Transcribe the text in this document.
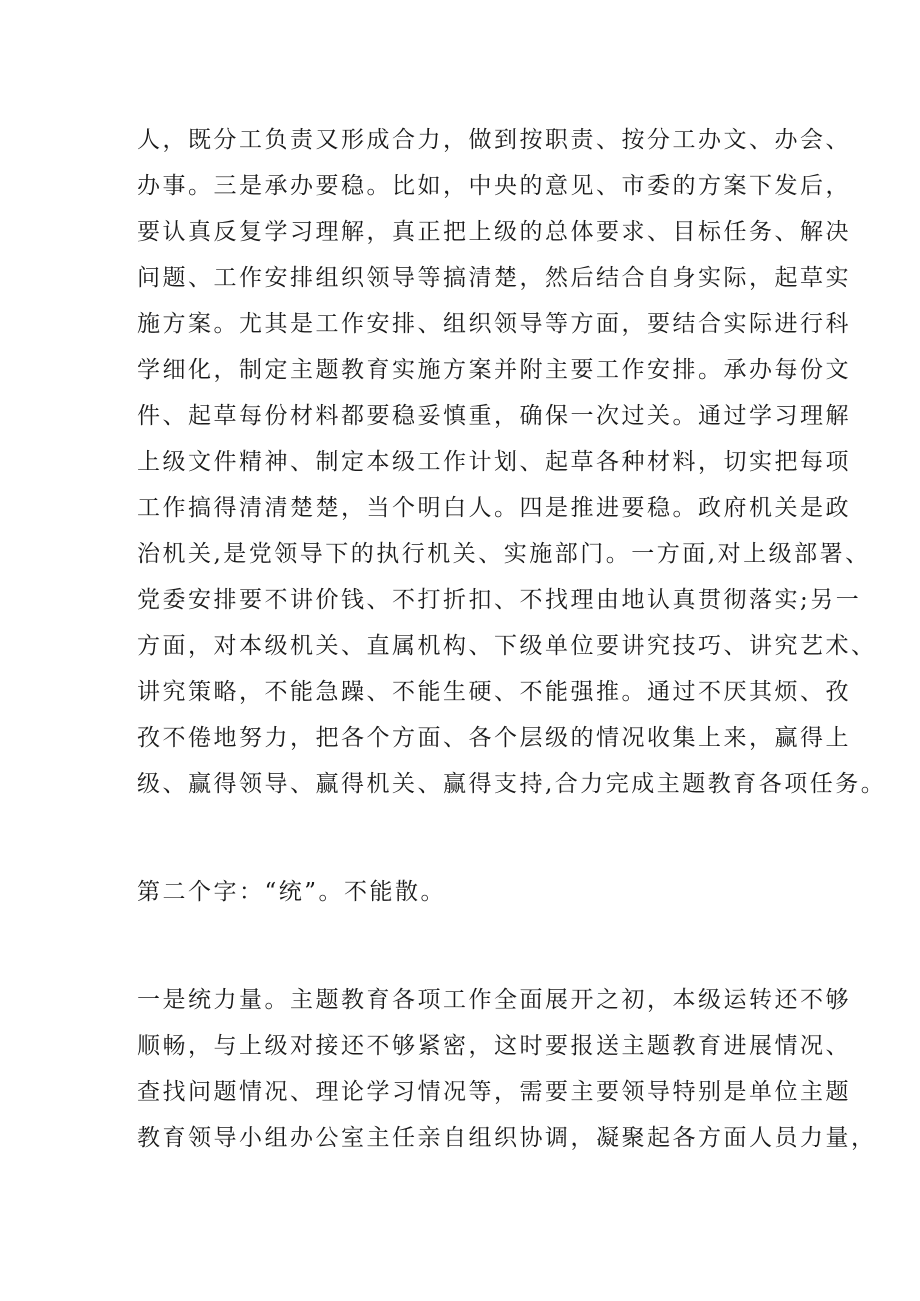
人，既分工负责又形成合力，做到按职责、按分工办文、办会、
办事。三是承办要稳。比如，中央的意见、市委的方案下发后，
要认真反复学习理解，真正把上级的总体要求、目标任务、解决
问题、工作安排组织领导等搞清楚，然后结合自身实际，起草实
施方案。尤其是工作安排、组织领导等方面，要结合实际进行科
学细化，制定主题教育实施方案并附主要工作安排。承办每份文
件、起草每份材料都要稳妥慎重，确保一次过关。通过学习理解
上级文件精神、制定本级工作计划、起草各种材料，切实把每项
工作搞得清清楚楚，当个明白人。四是推进要稳。政府机关是政
治机关,是党领导下的执行机关、实施部门。一方面,对上级部署、
党委安排要不讲价钱、不打折扣、不找理由地认真贯彻落实;另一
方面，对本级机关、直属机构、下级单位要讲究技巧、讲究艺术、
讲究策略，不能急躁、不能生硬、不能强推。通过不厌其烦、孜
孜不倦地努力，把各个方面、各个层级的情况收集上来，赢得上
级、赢得领导、赢得机关、赢得支持,合力完成主题教育各项任务。
第二个字：“统”。不能散。
一是统力量。主题教育各项工作全面展开之初，本级运转还不够
顺畅，与上级对接还不够紧密，这时要报送主题教育进展情况、
查找问题情况、理论学习情况等，需要主要领导特别是单位主题
教育领导小组办公室主任亲自组织协调，凝聚起各方面人员力量，
